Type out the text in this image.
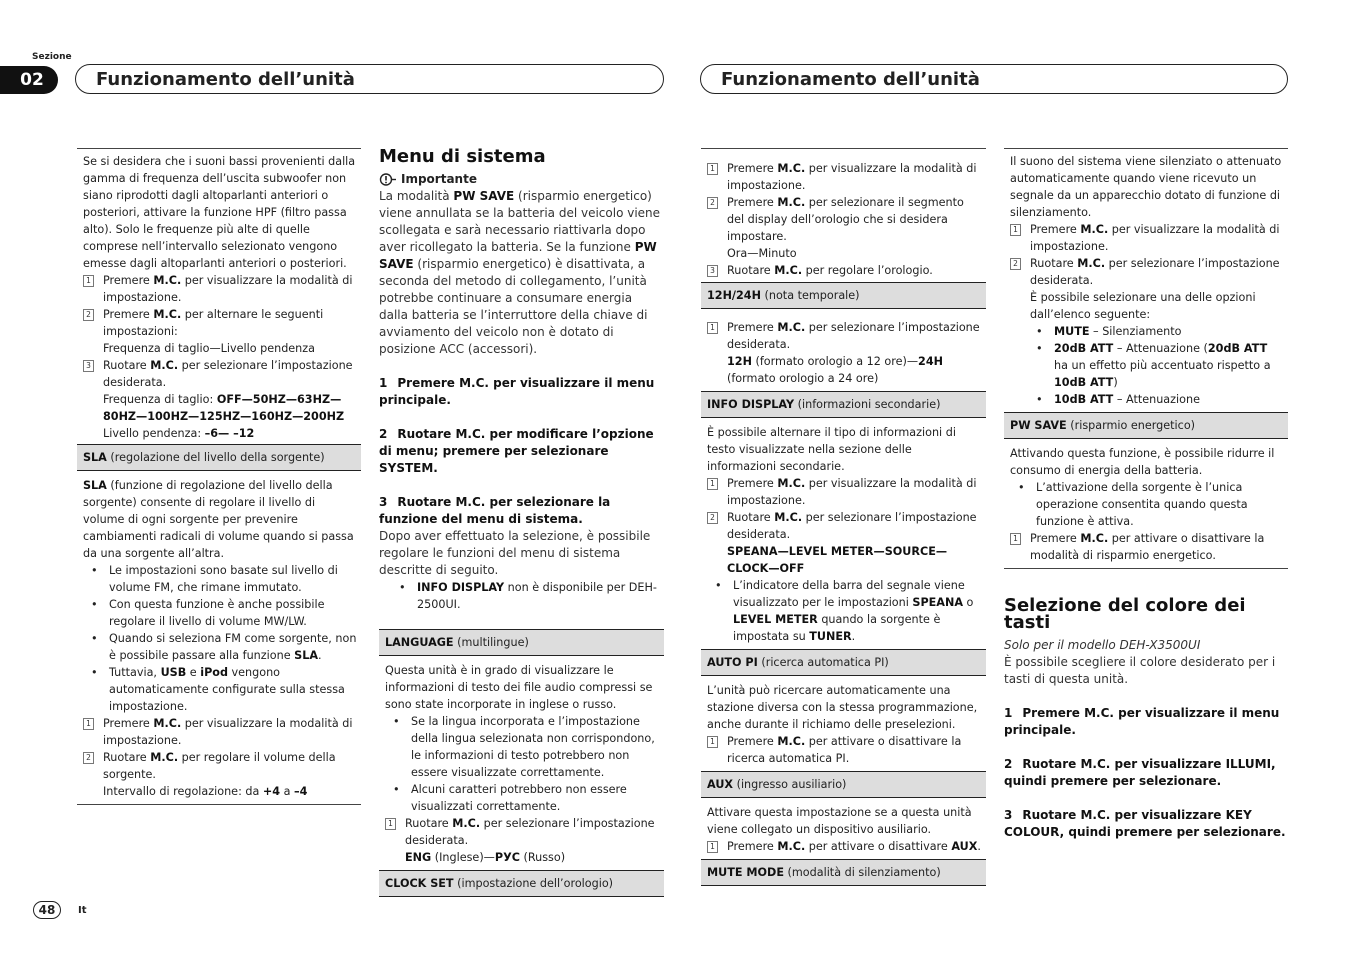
Sezione
02	Funzionamento dell’unità	Funzionamento dell’unità

Se si desidera che i suoni bassi provenienti dalla gamma di frequenza dell’uscita subwoofer non siano riprodotti dagli altoparlanti anteriori o posteriori, attivare la funzione HPF (filtro passa alto). Solo le frequenze più alte di quelle comprese nell’intervallo selezionato vengono emesse dagli altoparlanti anteriori o posteriori.

1 Premere M.C. per visualizzare la modalità di impostazione.
2 Premere M.C. per alternare le seguenti impostazioni:

Frequenza di taglio—Livello pendenza

3 Ruotare M.C. per selezionare l’impostazione desiderata.

Frequenza di taglio: OFF—50HZ—63HZ—80HZ—100HZ—125HZ—160HZ—200HZ

Livello pendenza: –6— –12

SLA (regolazione del livello della sorgente)

SLA (funzione di regolazione del livello della sorgente) consente di regolare il livello di volume di ogni sorgente per prevenire cambiamenti radicali di volume quando si passa da una sorgente all’altra.

•	Le impostazioni sono basate sul livello di volume FM, che rimane immutato.
•	Con questa funzione è anche possibile regolare il livello di volume MW/LW.
•	Quando si seleziona FM come sorgente, non è possibile passare alla funzione SLA.
•	Tuttavia, USB e iPod vengono automaticamente configurate sulla stessa impostazione.
1 Premere M.C. per visualizzare la modalità di impostazione.
2 Ruotare M.C. per regolare il volume della sorgente.

Intervallo di regolazione: da +4 a –4

Menu di sistema
Importante

La modalità PW SAVE (risparmio energetico) viene annullata se la batteria del veicolo viene scollegata e sarà necessario riattivarla dopo aver ricollegato la batteria. Se la funzione PW SAVE (risparmio energetico) è disattivata, a seconda del metodo di collegamento, l’unità potrebbe continuare a consumare energia dalla batteria se l’interruttore della chiave di avviamento del veicolo non è dotato di posizione ACC (accessori).

1 Premere M.C. per visualizzare il menu principale.

2 Ruotare M.C. per modificare l’opzione di menu; premere per selezionare SYSTEM.

3 Ruotare M.C. per selezionare la funzione del menu di sistema.

Dopo aver effettuato la selezione, è possibile regolare le funzioni del menu di sistema descritte di seguito.

•	INFO DISPLAY non è disponibile per DEH-2500UI.
LANGUAGE (multilingue)

Questa unità è in grado di visualizzare le informazioni di testo dei file audio compressi se sono state incorporate in inglese o russo.

•	Se la lingua incorporata e l’impostazione della lingua selezionata non corrispondono, le informazioni di testo potrebbero non essere visualizzate correttamente.
•	Alcuni caratteri potrebbero non essere visualizzati correttamente.
1 Ruotare M.C. per selezionare l’impostazione desiderata.

ENG (Inglese)—РУС (Russo)

CLOCK SET (impostazione dell’orologio)
1 Premere M.C. per visualizzare la modalità di impostazione.
2 Premere M.C. per selezionare il segmento del display dell’orologio che si desidera impostare.

Ora—Minuto

3 Ruotare M.C. per regolare l’orologio.
12H/24H (nota temporale)
1 Premere M.C. per selezionare l’impostazione desiderata.

12H (formato orologio a 12 ore)—24H (formato orologio a 24 ore)

INFO DISPLAY (informazioni secondarie)

È possibile alternare il tipo di informazioni di testo visualizzate nella sezione delle informazioni secondarie.

1 Premere M.C. per visualizzare la modalità di impostazione.
2 Ruotare M.C. per selezionare l’impostazione desiderata.

SPEANA—LEVEL METER—SOURCE—CLOCK—OFF

•	L’indicatore della barra del segnale viene visualizzato per le impostazioni SPEANA o LEVEL METER quando la sorgente è impostata su TUNER.
AUTO PI (ricerca automatica PI)

L’unità può ricercare automaticamente una stazione diversa con la stessa programmazione, anche durante il richiamo delle preselezioni.

1 Premere M.C. per attivare o disattivare la ricerca automatica PI.
AUX (ingresso ausiliario)

Attivare questa impostazione se a questa unità viene collegato un dispositivo ausiliario.

1 Premere M.C. per attivare o disattivare AUX.
MUTE MODE (modalità di silenziamento)

Il suono del sistema viene silenziato o attenuato automaticamente quando viene ricevuto un segnale da un apparecchio dotato di funzione di silenziamento.

1 Premere M.C. per visualizzare la modalità di impostazione.
2 Ruotare M.C. per selezionare l’impostazione desiderata.

È possibile selezionare una delle opzioni dall’elenco seguente:

•	MUTE – Silenziamento
•	20dB ATT – Attenuazione (20dB ATT ha un effetto più accentuato rispetto a 10dB ATT)
•	10dB ATT – Attenuazione
PW SAVE (risparmio energetico)

Attivando questa funzione, è possibile ridurre il consumo di energia della batteria.

•	L’attivazione della sorgente è l’unica operazione consentita quando questa funzione è attiva.
1 Premere M.C. per attivare o disattivare la modalità di risparmio energetico.
Selezione del colore dei tasti

Solo per il modello DEH-X3500UI

È possibile scegliere il colore desiderato per i tasti di questa unità.

1 Premere M.C. per visualizzare il menu principale.

2 Ruotare M.C. per visualizzare ILLUMI, quindi premere per selezionare.

3 Ruotare M.C. per visualizzare KEY COLOUR, quindi premere per selezionare.

48	It
